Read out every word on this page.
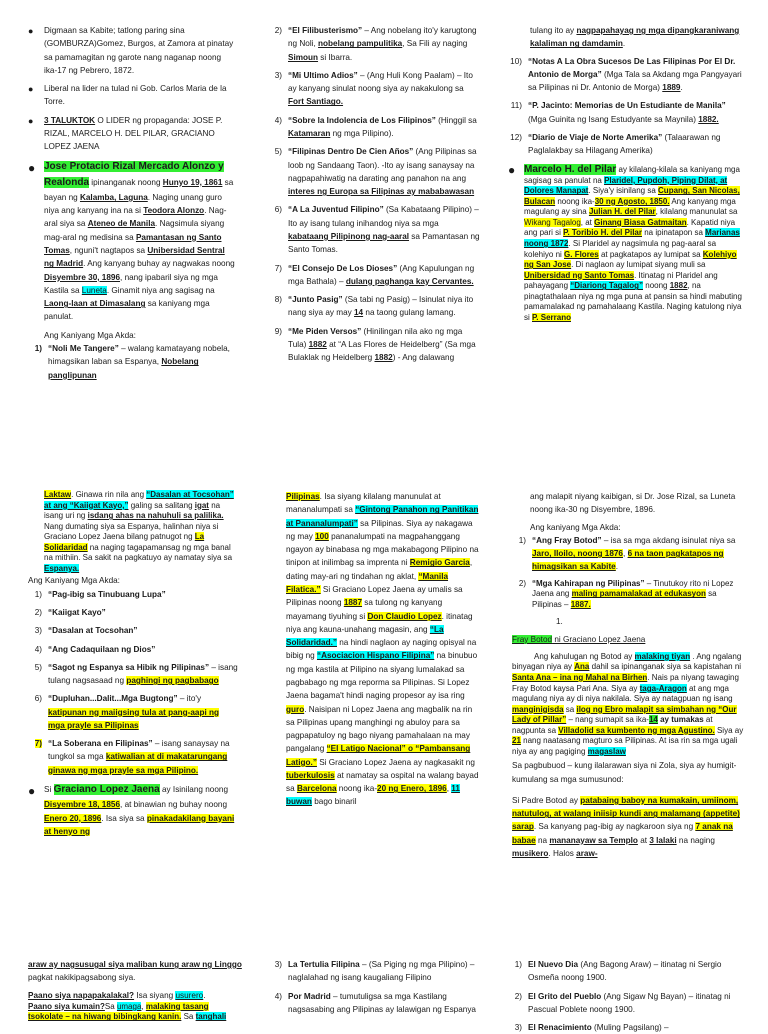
●	Digmaan sa Kabite; tatlong paring sina (GOMBURZA)Gomez, Burgos, at Zamora at pinatay sa pamamagitan ng garote nang naganap noong ika-17 ng Pebrero, 1872.
●	Liberal na lider na tulad ni Gob. Carlos Maria de la Torre.
●	3 TALUKTOK O LIDER ng propaganda: JOSE P. RIZAL, MARCELO H. DEL PILAR, GRACIANO LOPEZ JAENA
● Jose Protacio Rizal Mercado Alonzo y Realonda ipinanganak noong Hunyo 19, 1861 sa bayan ng Kalamba, Laguna. Naging unang guro niya ang kanyang ina na si Teodora Alonzo. Nag-aral siya sa Ateneo de Manila. Nagsimula siyang mag-aral ng medisina sa Pamantasan ng Santo Tomas, nguni't nagtapos sa Unibersidad Sentral ng Madrid. Ang kanyang buhay ay nagwakas noong Disyembre 30, 1896, nang ipabaril siya ng mga Kastila sa Luneta. Ginamit niya ang sagisag na Laong-laan at Dimasalang sa kaniyang mga panulat.

Ang Kaniyang Mga Akda:

1) “Noli Me Tangere” – walang kamatayang nobela, himagsikan laban sa Espanya, Nobelang panglipunan
2) “El Filibusterismo” – Ang nobelang ito'y karugtong ng Noli, nobelang pampulitika, Sa Fili ay naging Simoun si Ibarra.
3) “Mi Ultimo Adios” – (Ang Huli Kong Paalam) – Ito ay kanyang sinulat noong siya ay nakakulong sa Fort Santiago.
4) “Sobre la Indolencia de Los Filipinos” (Hinggil sa Katamaran ng mga Pilipino).
5) “Filipinas Dentro De Cien Años” (Ang Pilipinas sa loob ng Sandaang Taon). -Ito ay isang sanaysay na nagpapahiwatig na darating ang panahon na ang interes ng Europa sa Filipinas ay mababawasan
6) “A La Juventud Filipino” (Sa Kabataang Pilipino) – Ito ay isang tulang inihandog niya sa mga kabataang Pilipinong nag-aaral sa Pamantasan ng Santo Tomas.
7) “El Consejo De Los Dioses” (Ang Kapulungan ng mga Bathala) – dulang paghanga kay Cervantes.
8) “Junto Pasig” (Sa tabi ng Pasig) – Isinulat niya ito nang siya ay may 14 na taong gulang lamang.
9) “Me Piden Versos” (Hinilingan nila ako ng mga Tula) 1882 at “A Las Flores de Heidelberg” (Sa mga Bulaklak ng Heidelberg 1882) - Ang dalawang

tulang ito ay nagpapahayag ng mga dipangkaraniwang kalaliman ng damdamin.

10) “Notas A La Obra Sucesos De Las Filipinas Por El Dr. Antonio de Morga” (Mga Tala sa Akdang mga Pangyayari sa Pilipinas ni Dr. Antonio de Morga) 1889.
11) “P. Jacinto: Memorias de Un Estudiante de Manila” (Mga Guinita ng Isang Estudyante sa Maynila) 1882.
12) “Diario de Viaje de Norte Amerika” (Talaarawan ng Paglalakbay sa Hilagang Amerika)
● Marcelo H. del Pilar ay kilalang-kilala sa kaniyang mga sagisag sa panulat na Plaridel, Pupdoh, Piping Dilat, at Dolores Manapat. Siya'y isinilang sa Cupang, San Nicolas, Bulacan noong ika-30 ng Agosto, 1850. Ang kanyang mga magulang ay sina Julian H. del Pilar, kilalang manunulat sa Wikang Tagalog, at Ginang Biasa Gatmaitan. Kapatid niya ang pari si P. Toribio H. del Pilar na ipinatapon sa Marianas noong 1872. Si Plaridel ay nagsimula ng pag-aaral sa kolehiyo ni G. Flores at pagkatapos ay lumipat sa Kolehiyo ng San Jose. Di naglaon ay lumipat siyang muli sa Unibersidad ng Santo Tomas. Itinatag ni Plaridel ang pahayagang “Diariong Tagalog” noong 1882, na pinagtathalaan niya ng mga puna at pansin sa hindi mabuting pamamalakad ng pamahalaang Kastila. Naging katulong niya si P. Serrano

Laktaw. Ginawa rin nila ang “Dasalan at Tocsohan” at ang “Kaiigat Kayo,” galing sa salitang igat na isang uri ng isdang ahas na nahuhuli sa palilika. Nang dumating siya sa Espanya, halinhan niya si Graciano Lopez Jaena bilang patnugot ng La Solidaridad na naging tagapamansag ng mga banal na mithiin. Sa sakit na pagkatuyo ay namatay siya sa Espanya.

Ang Kaniyang Mga Akda:

1) “Pag-ibig sa Tinubuang Lupa”
2) “Kaiigat Kayo”
3) “Dasalan at Tocsohan”
4) “Ang Cadaquilaan ng Dios”
5) “Sagot ng Espanya sa Hibik ng Pilipinas” – isang tulang nagsasaad ng paghingi ng pagbabago
6) “Dupluhan...Dalit...Mga Bugtong” – ito'y katipunan ng maiigsing tula at pang-aapi ng mga prayle sa Pilipinas
7) “La Soberana en Filipinas” – isang sanaysay na tungkol sa mga katiwalian at di makatarungang ginawa ng mga prayle sa mga Pilipino.
● Si Graciano Lopez Jaena ay Isinilang noong Disyembre 18, 1856, at binawian ng buhay noong Enero 20, 1896. Isa siya sa pinakadakilang bayani at henyo ng

Pilipinas. Isa siyang kilalang manunulat at mananalumpati sa “Gintong Panahon ng Panitikan at Pananalumpati” sa Pilipinas. Siya ay nakagawa ng may 100 pananalumpati na magpahanggang ngayon ay binabasa ng mga makabagong Pilipino na tinipon at inilimbag sa imprenta ni Remigio Garcia, dating may-ari ng tindahan ng aklat, “Manila Filatica.” Si Graciano Lopez Jaena ay umalis sa Pilipinas noong 1887 sa tulong ng kanyang mayamang tiyuhing si Don Claudio Lopez. itinatag niya ang kauna-unahang magasin, ang “La Solidaridad.” na hindi naglaon ay naging opisyal na bibig ng “Asociacion Hispano Filipina” na binubuo ng mga kastila at Pilipino na siyang lumalakad sa pagbabago ng mga reporma sa Pilipinas. Si Lopez Jaena bagama't hindi naging propesor ay isa ring guro. Naisipan ni Lopez Jaena ang magbalik na rin sa Pilipinas upang manghingi ng abuloy para sa pagpapatuloy ng bago niyang pamahalaan na may pangalang “El Latigo Nacional” o “Pambansang Latigo.” Si Graciano Lopez Jaena ay nagkasakit ng tuberkulosis at namatay sa ospital na walang bayad sa Barcelona noong ika-20 ng Enero, 1896, 11 buwan bago binaril

ang malapit niyang kaibigan, si Dr. Jose Rizal, sa Luneta noong ika-30 ng Disyembre, 1896.

Ang kaniyang Mga Akda:

1) “Ang Fray Botod” – isa sa mga akdang isinulat niya sa Jaro, Iloilo, noong 1876, 6 na taon pagkatapos ng himagsikan sa Kabite.
2) “Mga Kahirapan ng Pilipinas” – Tinutukoy rito ni Lopez Jaena ang maling pamamalakad at edukasyon sa Pilipinas – 1887.

1.

Fray Botod ni Graciano Lopez Jaena

Ang kahulugan ng Botod ay malaking tiyan . Ang ngalang binyagan niya ay Ana dahil sa ipinanganak siya sa kapistahan ni Santa Ana – ina ng Mahal na Birhen. Nais pa niyang tawaging Fray Botod kaysa Pari Ana. Siya ay taga-Aragon at ang mga magulang niya ay di niya nakilala. Siya ay natagpuan ng isang manginigisda sa ilog ng Ebro malapit sa simbahan ng “Our Lady of Pillar” – nang sumapit sa ika-14 ay tumakas at nagpunta sa Villadolid sa kumbento ng mga Agustino. Siya ay 21 nang naatasang magturo sa Pilipinas. At isa rin sa mga ugali niya ay ang pagiging magaslaw

Sa pagbubuod – kung ilalarawan siya ni Zola, siya ay humigit-kumulang sa mga sumusunod:

Si Padre Botod ay patabaing baboy na kumakain, umiinom, natutulog, at walang iniisip kundi ang malamang (appetite) sarap. Sa kanyang pag-ibig ay nagkaroon siya ng 7 anak na babae na mananayaw sa Templo at 3 lalaki na naging musikero. Halos araw-

araw ay nagsusugal siya maliban kung araw ng Linggo pagkat nakikipagsabong siya.

Paano siya napapakalakal? Isa siyang usurero.

Paano siya kumain?Sa umaga, malaking tasang

tsokolate – na hiwang bibingkang kanin. Sa tanghali

3) La Tertulia Filipina – (Sa Piging ng mga Pilipino) – naglalahad ng isang kaugaliang Filipino
4) Por Madrid – tumutuligsa sa mga Kastilang nagsasabing ang Pilipinas ay lalawigan ng Espanya
1) El Nuevo Dia (Ang Bagong Araw) – itinatag ni Sergio Osmeña noong 1900.
2) El Grito del Pueblo (Ang Sigaw Ng Bayan) – itinatag ni Pascual Poblete noong 1900.
3) El Renacimiento (Muling Pagsilang) –
